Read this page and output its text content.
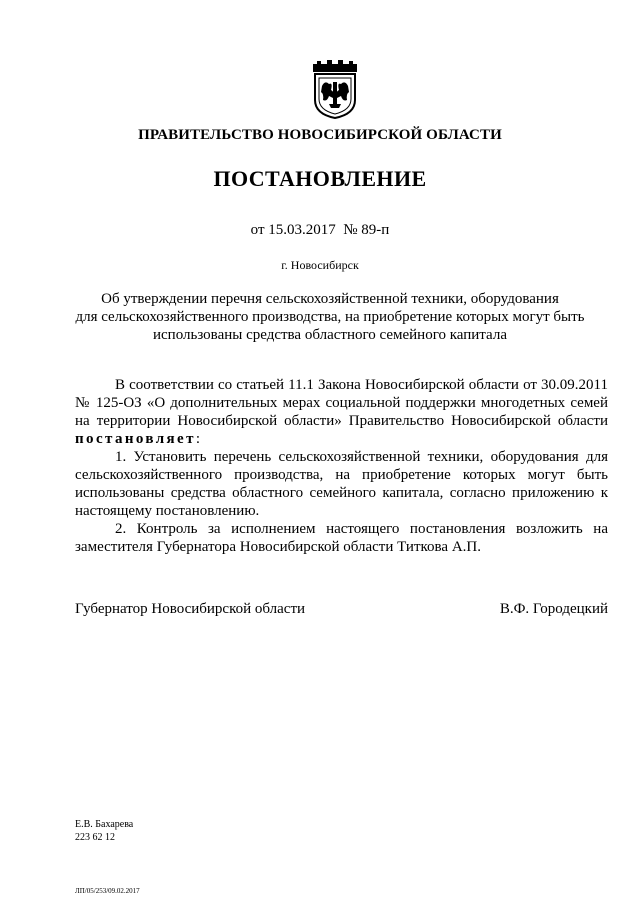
ПРАВИТЕЛЬСТВО НОВОСИБИРСКОЙ ОБЛАСТИ
ПОСТАНОВЛЕНИЕ
от 15.03.2017  № 89-п
г. Новосибирск
Об утверждении перечня сельскохозяйственной техники, оборудования
для сельскохозяйственного производства, на приобретение которых могут быть
использованы средства областного семейного капитала

В соответствии со статьей 11.1 Закона Новосибирской области от 30.09.2011 № 125-ОЗ «О дополнительных мерах социальной поддержки многодетных семей на территории Новосибирской области» Правительство Новосибирской области постановляет:

1. Установить перечень сельскохозяйственной техники, оборудования для сельскохозяйственного производства, на приобретение которых могут быть использованы средства областного семейного капитала, согласно приложению к настоящему постановлению.

2. Контроль за исполнением настоящего постановления возложить на заместителя Губернатора Новосибирской области Титкова А.П.

Губернатор Новосибирской области	В.Ф. Городецкий
Е.В. Бахарева
223 62 12
ЛП/05/253/09.02.2017
